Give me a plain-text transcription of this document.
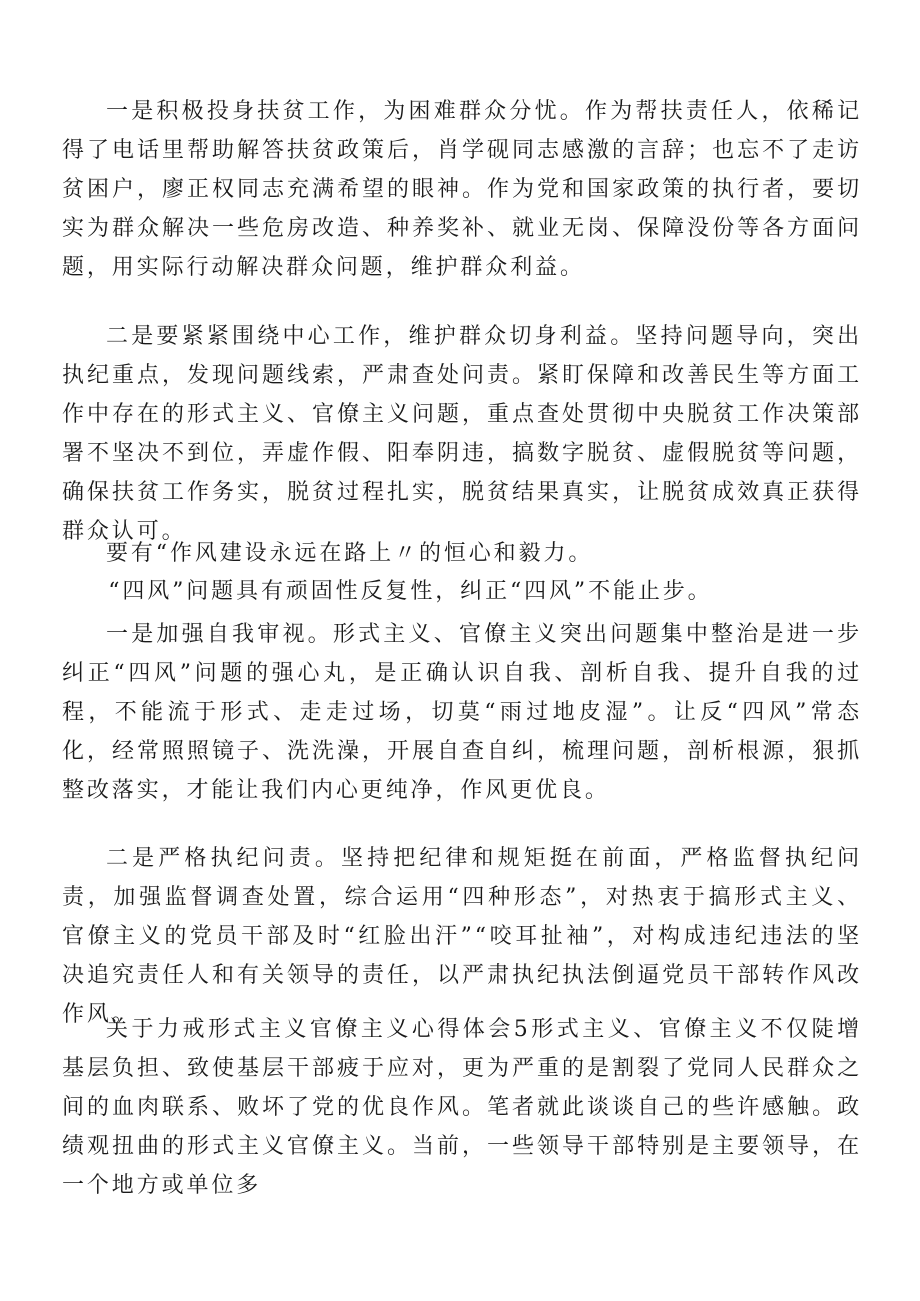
一是积极投身扶贫工作，为困难群众分忧。作为帮扶责任人，依稀记得了电话里帮助解答扶贫政策后，肖学砚同志感激的言辞；也忘不了走访贫困户，廖正权同志充满希望的眼神。作为党和国家政策的执行者，要切实为群众解决一些危房改造、种养奖补、就业无岗、保障没份等各方面问题，用实际行动解决群众问题，维护群众利益。

二是要紧紧围绕中心工作，维护群众切身利益。坚持问题导向，突出执纪重点，发现问题线索，严肃查处问责。紧盯保障和改善民生等方面工作中存在的形式主义、官僚主义问题，重点查处贯彻中央脱贫工作决策部署不坚决不到位，弄虚作假、阳奉阴违，搞数字脱贫、虚假脱贫等问题，确保扶贫工作务实，脱贫过程扎实，脱贫结果真实，让脱贫成效真正获得群众认可。

要有“作风建设永远在路上〃的恒心和毅力。

“四风”问题具有顽固性反复性，纠正“四风”不能止步。

一是加强自我审视。形式主义、官僚主义突出问题集中整治是进一步纠正“四风”问题的强心丸，是正确认识自我、剖析自我、提升自我的过程，不能流于形式、走走过场，切莫“雨过地皮湿”。让反“四风”常态化，经常照照镜子、洗洗澡，开展自查自纠，梳理问题，剖析根源，狠抓整改落实，才能让我们内心更纯净，作风更优良。

二是严格执纪问责。坚持把纪律和规矩挺在前面，严格监督执纪问责，加强监督调查处置，综合运用“四种形态”，对热衷于搞形式主义、官僚主义的党员干部及时“红脸出汗”“咬耳扯袖”，对构成违纪违法的坚决追究责任人和有关领导的责任，以严肃执纪执法倒逼党员干部转作风改作风。

关于力戒形式主义官僚主义心得体会5形式主义、官僚主义不仅陡增基层负担、致使基层干部疲于应对，更为严重的是割裂了党同人民群众之间的血肉联系、败坏了党的优良作风。笔者就此谈谈自己的些许感触。政绩观扭曲的形式主义官僚主义。当前，一些领导干部特别是主要领导，在一个地方或单位多
